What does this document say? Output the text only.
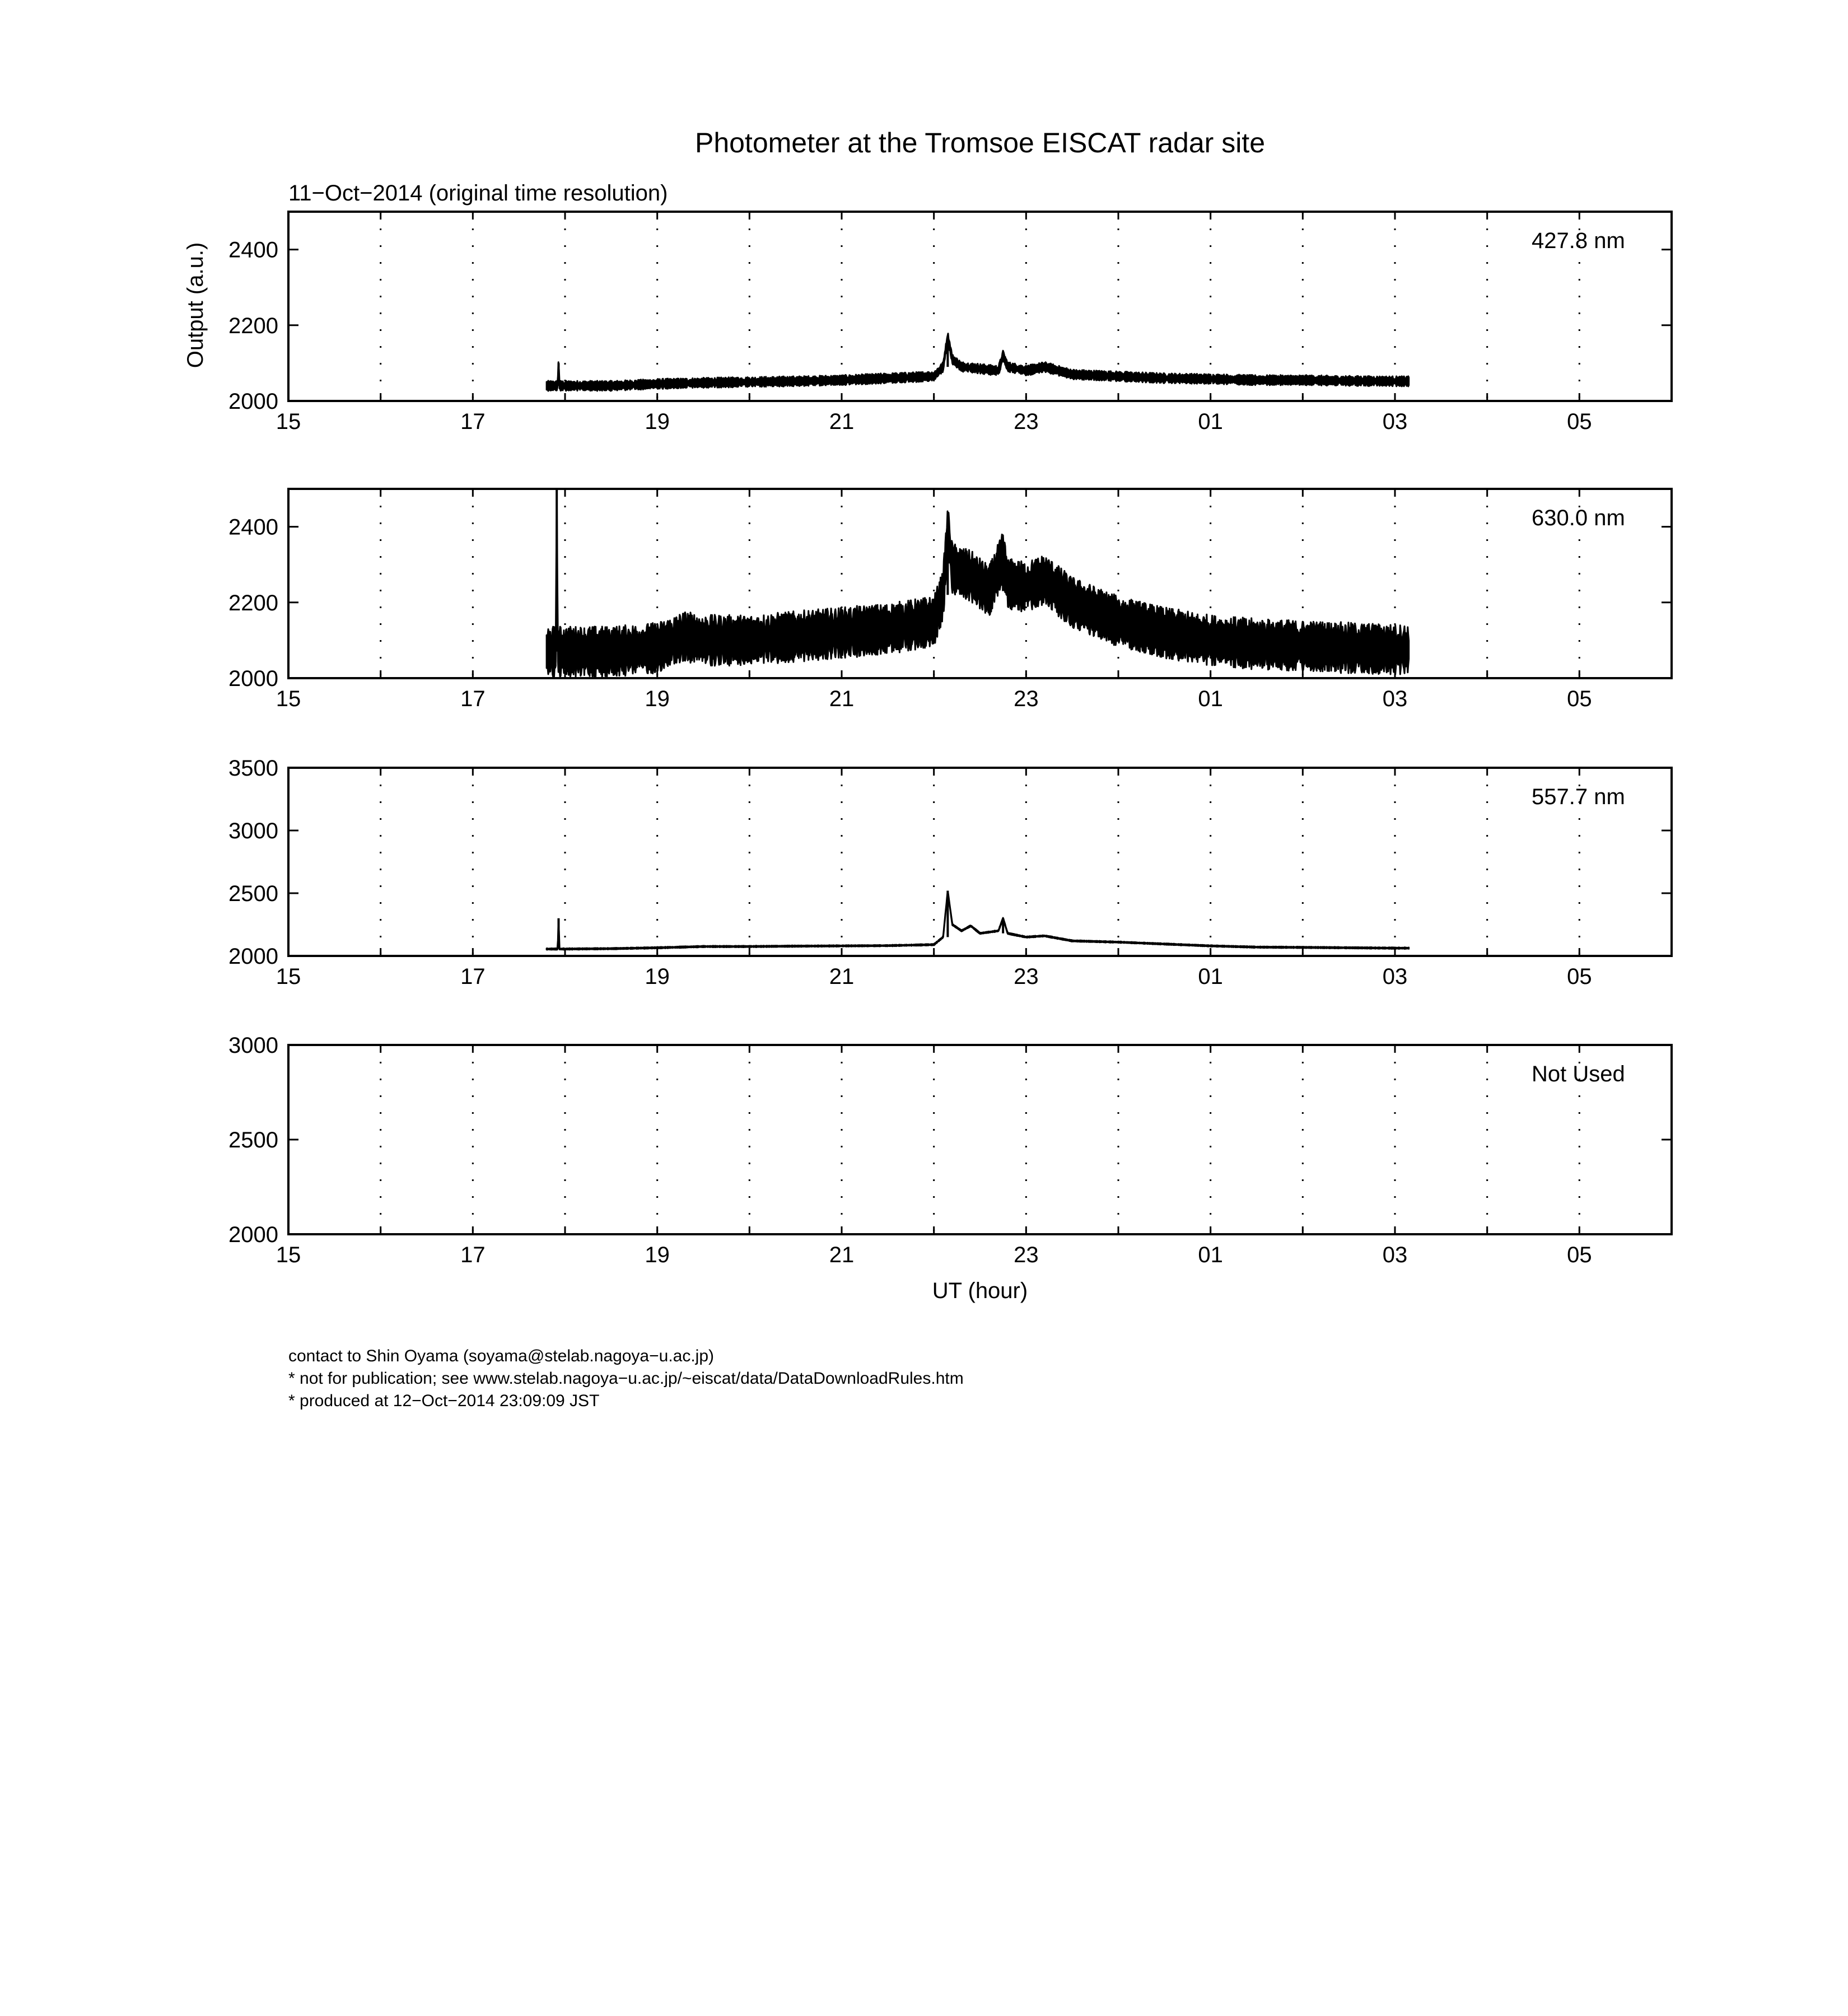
Photometer at the Tromsoe EISCAT radar site
11−Oct−2014 (original time resolution)
Output (a.u.)
UT (hour)
15	17	19	21	23	01	03	05
2000
2200
2400	427.8 nm
15	17	19	21	23	01	03	05
2000
2200
2400	630.0 nm
15	17	19	21	23	01	03	05
2000
2500
3000
3500
557.7 nm
15	17	19	21	23	01	03	05
2000
2500
3000
Not Used
contact to Shin Oyama (soyama@stelab.nagoya−u.ac.jp)
* not for publication; see www.stelab.nagoya−u.ac.jp/~eiscat/data/DataDownloadRules.htm
* produced at 12−Oct−2014 23:09:09 JST
